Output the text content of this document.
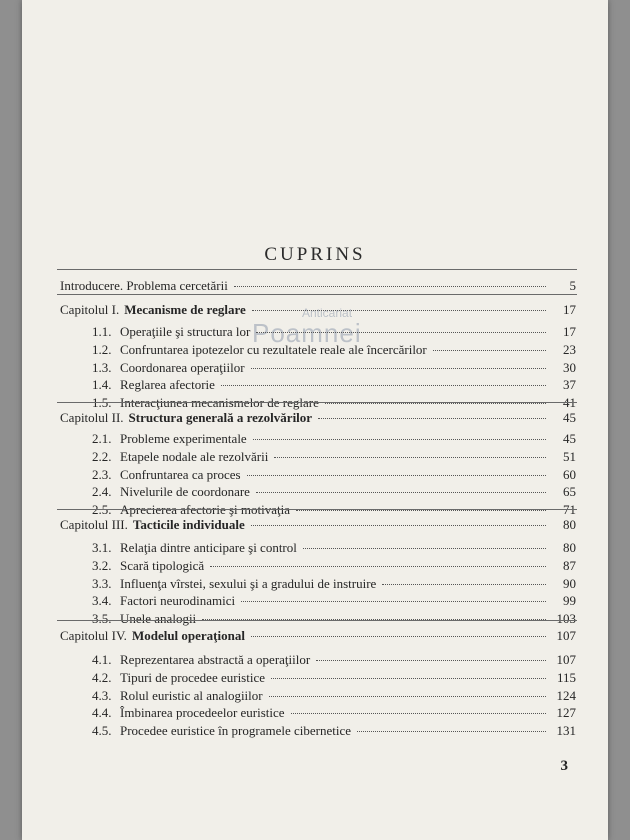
CUPRINS
Anticariat
Poamnei
Introducere. Problema cercetării	5
Capitolul I. Mecanisme de reglare	17
1.1. Operaţiile şi structura lor	17
1.2. Confruntarea ipotezelor cu rezultatele reale ale încercărilor	23
1.3. Coordonarea operaţiilor	30
1.4. Reglarea afectorie	37
1.5. Interacţiunea mecanismelor de reglare	41
Capitolul II. Structura generală a rezolvărilor	45
2.1. Probleme experimentale	45
2.2. Etapele nodale ale rezolvării	51
2.3. Confruntarea ca proces	60
2.4. Nivelurile de coordonare	65
2.5. Aprecierea afectorie şi motivaţia	71
Capitolul III. Tacticile individuale	80
3.1. Relaţia dintre anticipare şi control	80
3.2. Scară tipologică	87
3.3. Influenţa vîrstei, sexului şi a gradului de instruire	90
3.4. Factori neurodinamici	99
3.5. Unele analogii	103
Capitolul IV. Modelul operaţional	107
4.1. Reprezentarea abstractă a operaţiilor	107
4.2. Tipuri de procedee euristice	115
4.3. Rolul euristic al analogiilor	124
4.4. Îmbinarea procedeelor euristice	127
4.5. Procedee euristice în programele cibernetice	131
3
